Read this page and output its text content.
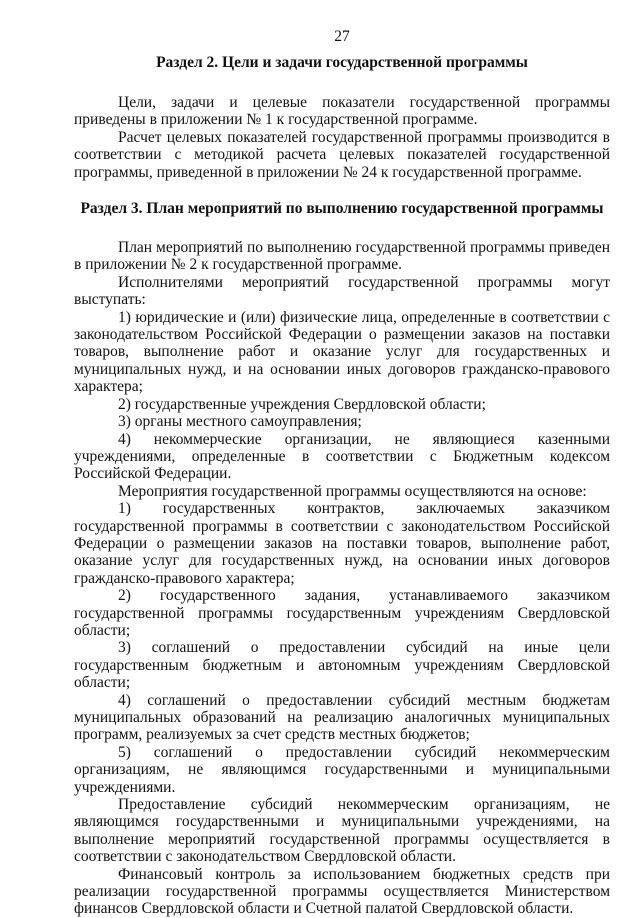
27
Раздел 2. Цели и задачи государственной программы

Цели, задачи и целевые показатели государственной программы приведены в приложении № 1 к государственной программе.

Расчет целевых показателей государственной программы производится в соответствии с методикой расчета целевых показателей государственной программы, приведенной в приложении № 24 к государственной программе.

Раздел 3. План мероприятий по выполнению государственной программы

План мероприятий по выполнению государственной программы приведен в приложении № 2 к государственной программе.

Исполнителями мероприятий государственной программы могут выступать:

1) юридические и (или) физические лица, определенные в соответствии с законодательством Российской Федерации о размещении заказов на поставки товаров, выполнение работ и оказание услуг для государственных и муниципальных нужд, и на основании иных договоров гражданско-правового характера;

2) государственные учреждения Свердловской области;

3) органы местного самоуправления;

4) некоммерческие организации, не являющиеся казенными учреждениями, определенные в соответствии с Бюджетным кодексом Российской Федерации.

Мероприятия государственной программы осуществляются на основе:

1) государственных контрактов, заключаемых заказчиком государственной программы в соответствии с законодательством Российской Федерации о размещении заказов на поставки товаров, выполнение работ, оказание услуг для государственных нужд, на основании иных договоров гражданско-правового характера;

2) государственного задания, устанавливаемого заказчиком государственной программы государственным учреждениям Свердловской области;

3) соглашений о предоставлении субсидий на иные цели государственным бюджетным и автономным учреждениям Свердловской области;

4) соглашений о предоставлении субсидий местным бюджетам муниципальных образований на реализацию аналогичных муниципальных программ, реализуемых за счет средств местных бюджетов;

5) соглашений о предоставлении субсидий некоммерческим организациям, не являющимся государственными и муниципальными учреждениями.

Предоставление субсидий некоммерческим организациям, не являющимся государственными и муниципальными учреждениями, на выполнение мероприятий государственной программы осуществляется в соответствии с законодательством Свердловской области.

Финансовый контроль за использованием бюджетных средств при реализации государственной программы осуществляется Министерством финансов Свердловской области и Счетной палатой Свердловской области.
